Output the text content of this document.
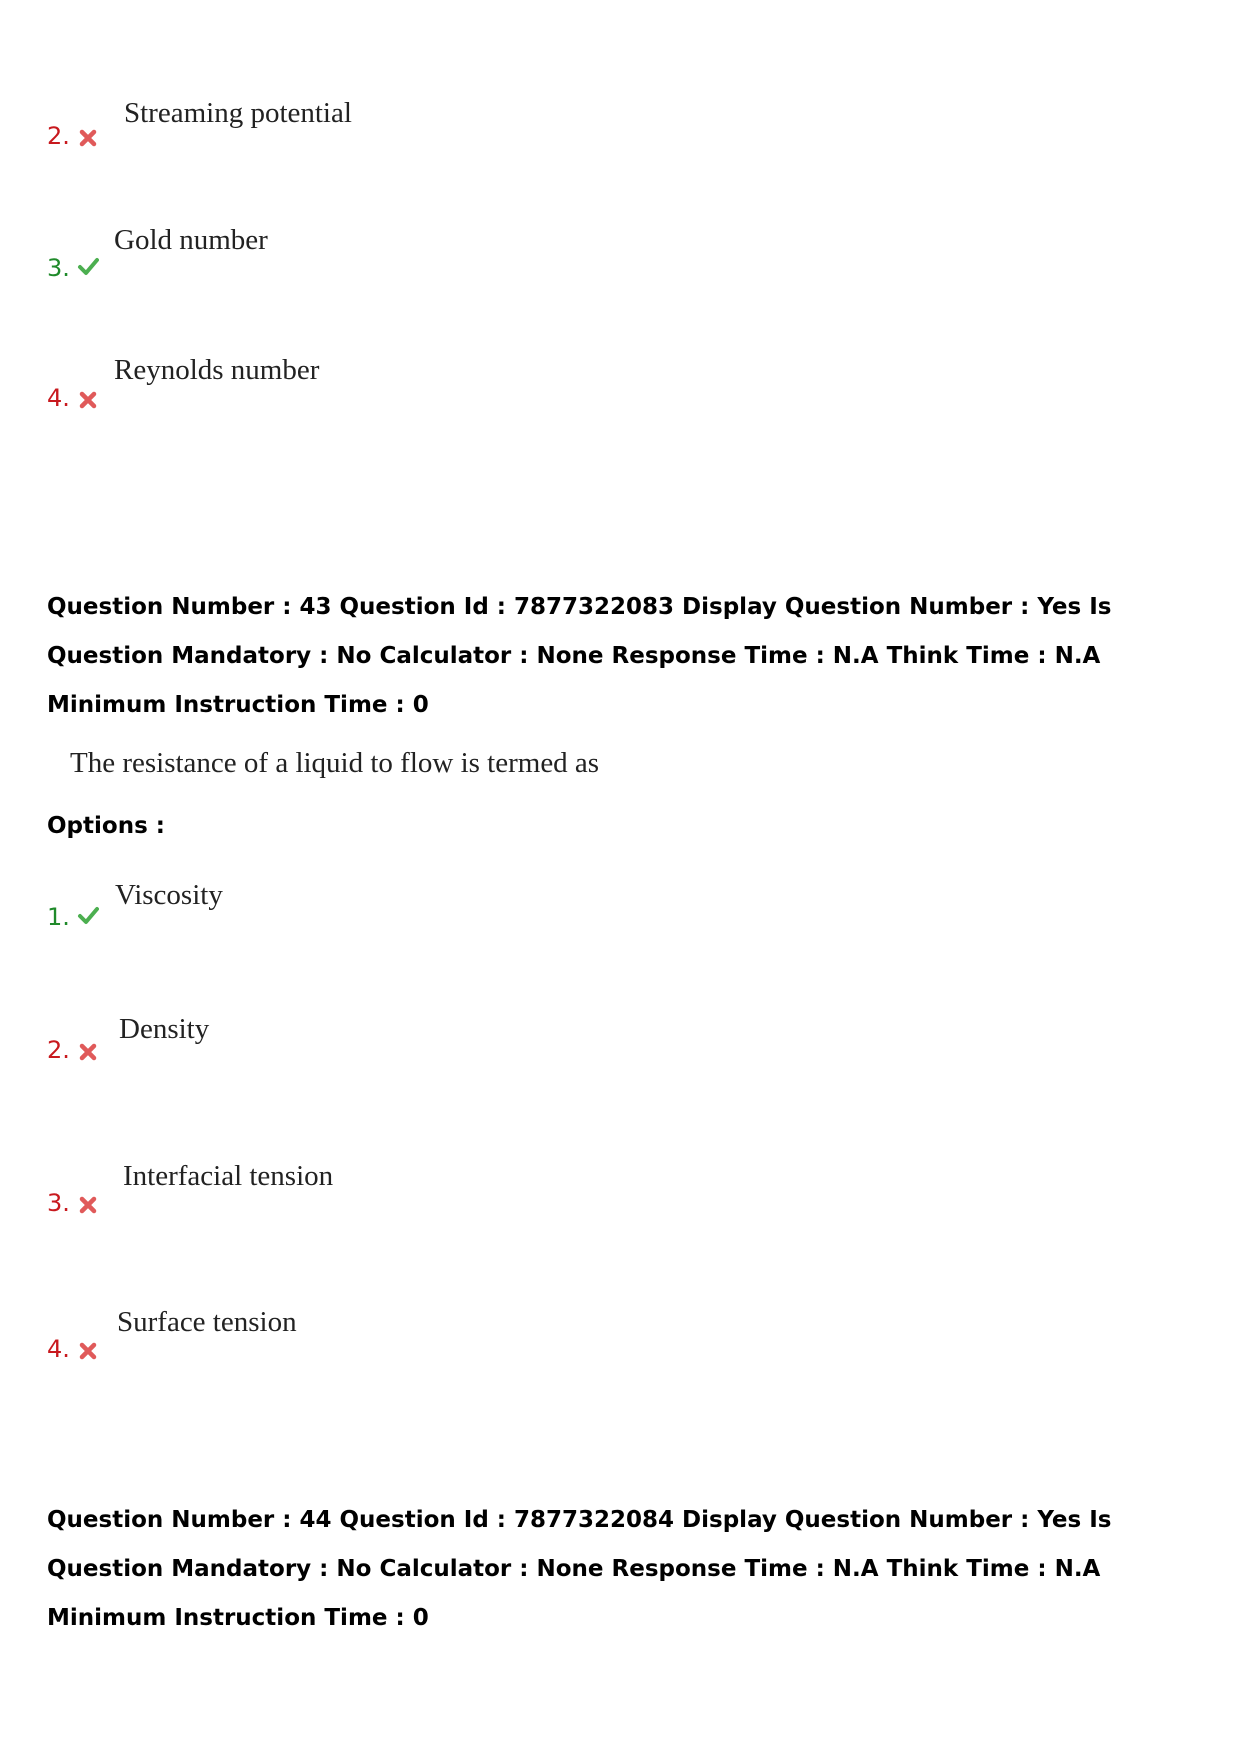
2.
Streaming potential
3.
Gold number
4.
Reynolds number

Question Number : 43 Question Id : 7877322083 Display Question Number : Yes Is Question Mandatory : No Calculator : None Response Time : N.A Think Time : N.A Minimum Instruction Time : 0

The resistance of a liquid to flow is termed as
Options :
1.
Viscosity
2.
Density
3.
Interfacial tension
4.
Surface tension

Question Number : 44 Question Id : 7877322084 Display Question Number : Yes Is Question Mandatory : No Calculator : None Response Time : N.A Think Time : N.A Minimum Instruction Time : 0
